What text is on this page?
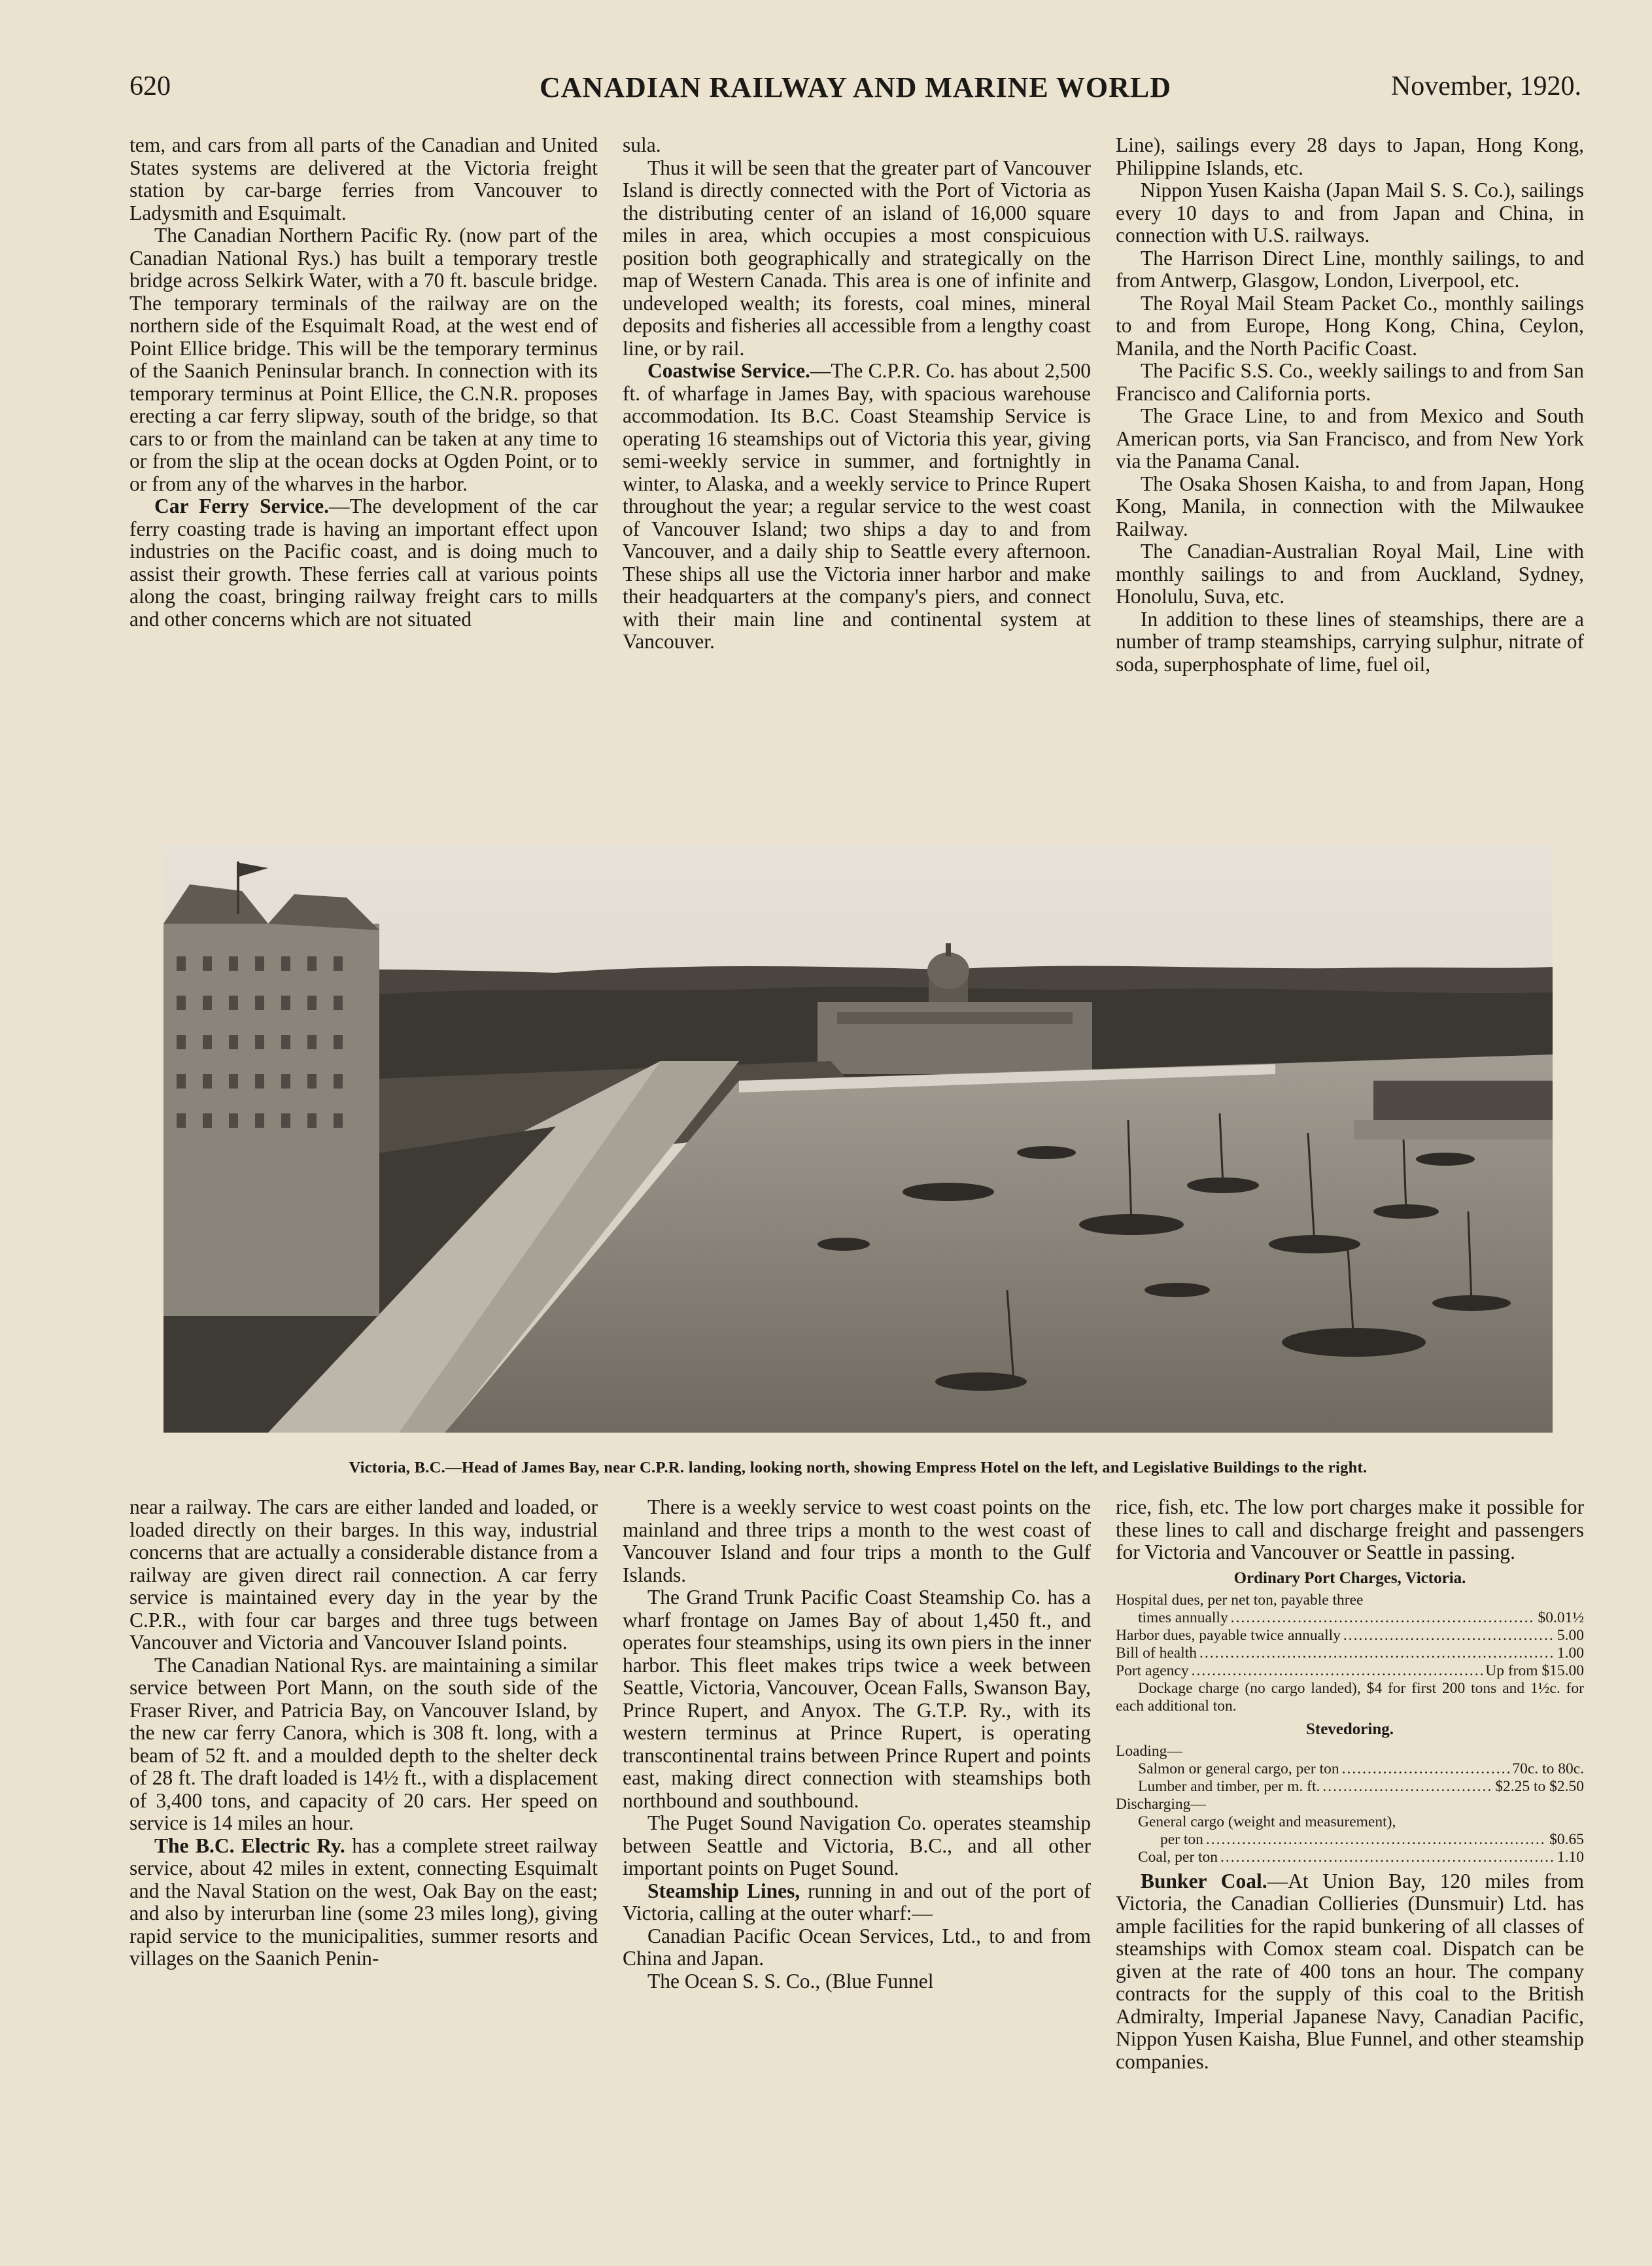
CANADIAN RAILWAY AND MARINE WORLD
620	November, 1920.

tem, and cars from all parts of the Canadian and United States systems are delivered at the Victoria freight station by car-barge ferries from Vancouver to Ladysmith and Esquimalt.

The Canadian Northern Pacific Ry. (now part of the Canadian National Rys.) has built a temporary trestle bridge across Selkirk Water, with a 70 ft. bascule bridge. The temporary terminals of the railway are on the northern side of the Esquimalt Road, at the west end of Point Ellice bridge. This will be the temporary terminus of the Saanich Peninsular branch. In connection with its temporary terminus at Point Ellice, the C.N.R. proposes erecting a car ferry slipway, south of the bridge, so that cars to or from the mainland can be taken at any time to or from the slip at the ocean docks at Ogden Point, or to or from any of the wharves in the harbor.

Car Ferry Service.—The development of the car ferry coasting trade is having an important effect upon industries on the Pacific coast, and is doing much to assist their growth. These ferries call at various points along the coast, bringing railway freight cars to mills and other concerns which are not situated

sula.

Thus it will be seen that the greater part of Vancouver Island is directly connected with the Port of Victoria as the distributing center of an island of 16,000 square miles in area, which occupies a most conspicuious position both geographically and strategically on the map of Western Canada. This area is one of infinite and undeveloped wealth; its forests, coal mines, mineral deposits and fisheries all accessible from a lengthy coast line, or by rail.

Coastwise Service.—The C.P.R. Co. has about 2,500 ft. of wharfage in James Bay, with spacious warehouse accommodation. Its B.C. Coast Steamship Service is operating 16 steamships out of Victoria this year, giving semi-weekly service in summer, and fortnightly in winter, to Alaska, and a weekly service to Prince Rupert throughout the year; a regular service to the west coast of Vancouver Island; two ships a day to and from Vancouver, and a daily ship to Seattle every afternoon. These ships all use the Victoria inner harbor and make their headquarters at the company's piers, and connect with their main line and continental system at Vancouver.

Line), sailings every 28 days to Japan, Hong Kong, Philippine Islands, etc.

Nippon Yusen Kaisha (Japan Mail S. S. Co.), sailings every 10 days to and from Japan and China, in connection with U.S. railways.

The Harrison Direct Line, monthly sailings, to and from Antwerp, Glasgow, London, Liverpool, etc.

The Royal Mail Steam Packet Co., monthly sailings to and from Europe, Hong Kong, China, Ceylon, Manila, and the North Pacific Coast.

The Pacific S.S. Co., weekly sailings to and from San Francisco and California ports.

The Grace Line, to and from Mexico and South American ports, via San Francisco, and from New York via the Panama Canal.

The Osaka Shosen Kaisha, to and from Japan, Hong Kong, Manila, in connection with the Milwaukee Railway.

The Canadian-Australian Royal Mail, Line with monthly sailings to and from Auckland, Sydney, Honolulu, Suva, etc.

In addition to these lines of steamships, there are a number of tramp steamships, carrying sulphur, nitrate of soda, superphosphate of lime, fuel oil,

Victoria, B.C.—Head of James Bay, near C.P.R. landing, looking north, showing Empress Hotel on the left, and Legislative Buildings to the right.

near a railway. The cars are either landed and loaded, or loaded directly on their barges. In this way, industrial concerns that are actually a considerable distance from a railway are given direct rail connection. A car ferry service is maintained every day in the year by the C.P.R., with four car barges and three tugs between Vancouver and Victoria and Vancouver Island points.

The Canadian National Rys. are maintaining a similar service between Port Mann, on the south side of the Fraser River, and Patricia Bay, on Vancouver Island, by the new car ferry Canora, which is 308 ft. long, with a beam of 52 ft. and a moulded depth to the shelter deck of 28 ft. The draft loaded is 14½ ft., with a displacement of 3,400 tons, and capacity of 20 cars. Her speed on service is 14 miles an hour.

The B.C. Electric Ry. has a complete street railway service, about 42 miles in extent, connecting Esquimalt and the Naval Station on the west, Oak Bay on the east; and also by interurban line (some 23 miles long), giving rapid service to the municipalities, summer resorts and villages on the Saanich Penin-

There is a weekly service to west coast points on the mainland and three trips a month to the west coast of Vancouver Island and four trips a month to the Gulf Islands.

The Grand Trunk Pacific Coast Steamship Co. has a wharf frontage on James Bay of about 1,450 ft., and operates four steamships, using its own piers in the inner harbor. This fleet makes trips twice a week between Seattle, Victoria, Vancouver, Ocean Falls, Swanson Bay, Prince Rupert, and Anyox. The G.T.P. Ry., with its western terminus at Prince Rupert, is operating transcontinental trains between Prince Rupert and points east, making direct connection with steamships both northbound and southbound.

The Puget Sound Navigation Co. operates steamship between Seattle and Victoria, B.C., and all other important points on Puget Sound.

Steamship Lines, running in and out of the port of Victoria, calling at the outer wharf:—

Canadian Pacific Ocean Services, Ltd., to and from China and Japan.

The Ocean S. S. Co., (Blue Funnel

rice, fish, etc. The low port charges make it possible for these lines to call and discharge freight and passengers for Victoria and Vancouver or Seattle in passing.

Ordinary Port Charges, Victoria.
Hospital dues, per net ton, payable three
times annually .....	$0.01½
Harbor dues, payable twice annually .....	5.00
Bill of health .....	1.00
Port agency .....	Up from $15.00
Dockage charge (no cargo landed), $4 for first 200 tons and 1½c. for each additional ton.
Stevedoring.
Loading—
Salmon or general cargo, per ton .....	70c. to 80c.
Lumber and timber, per m. ft. .....	$2.25 to $2.50
Discharging—
General cargo (weight and measurement),
per ton .....	$0.65
Coal, per ton .....	1.10

Bunker Coal.—At Union Bay, 120 miles from Victoria, the Canadian Collieries (Dunsmuir) Ltd. has ample facilities for the rapid bunkering of all classes of steamships with Comox steam coal. Dispatch can be given at the rate of 400 tons an hour. The company contracts for the supply of this coal to the British Admiralty, Imperial Japanese Navy, Canadian Pacific, Nippon Yusen Kaisha, Blue Funnel, and other steamship companies.
